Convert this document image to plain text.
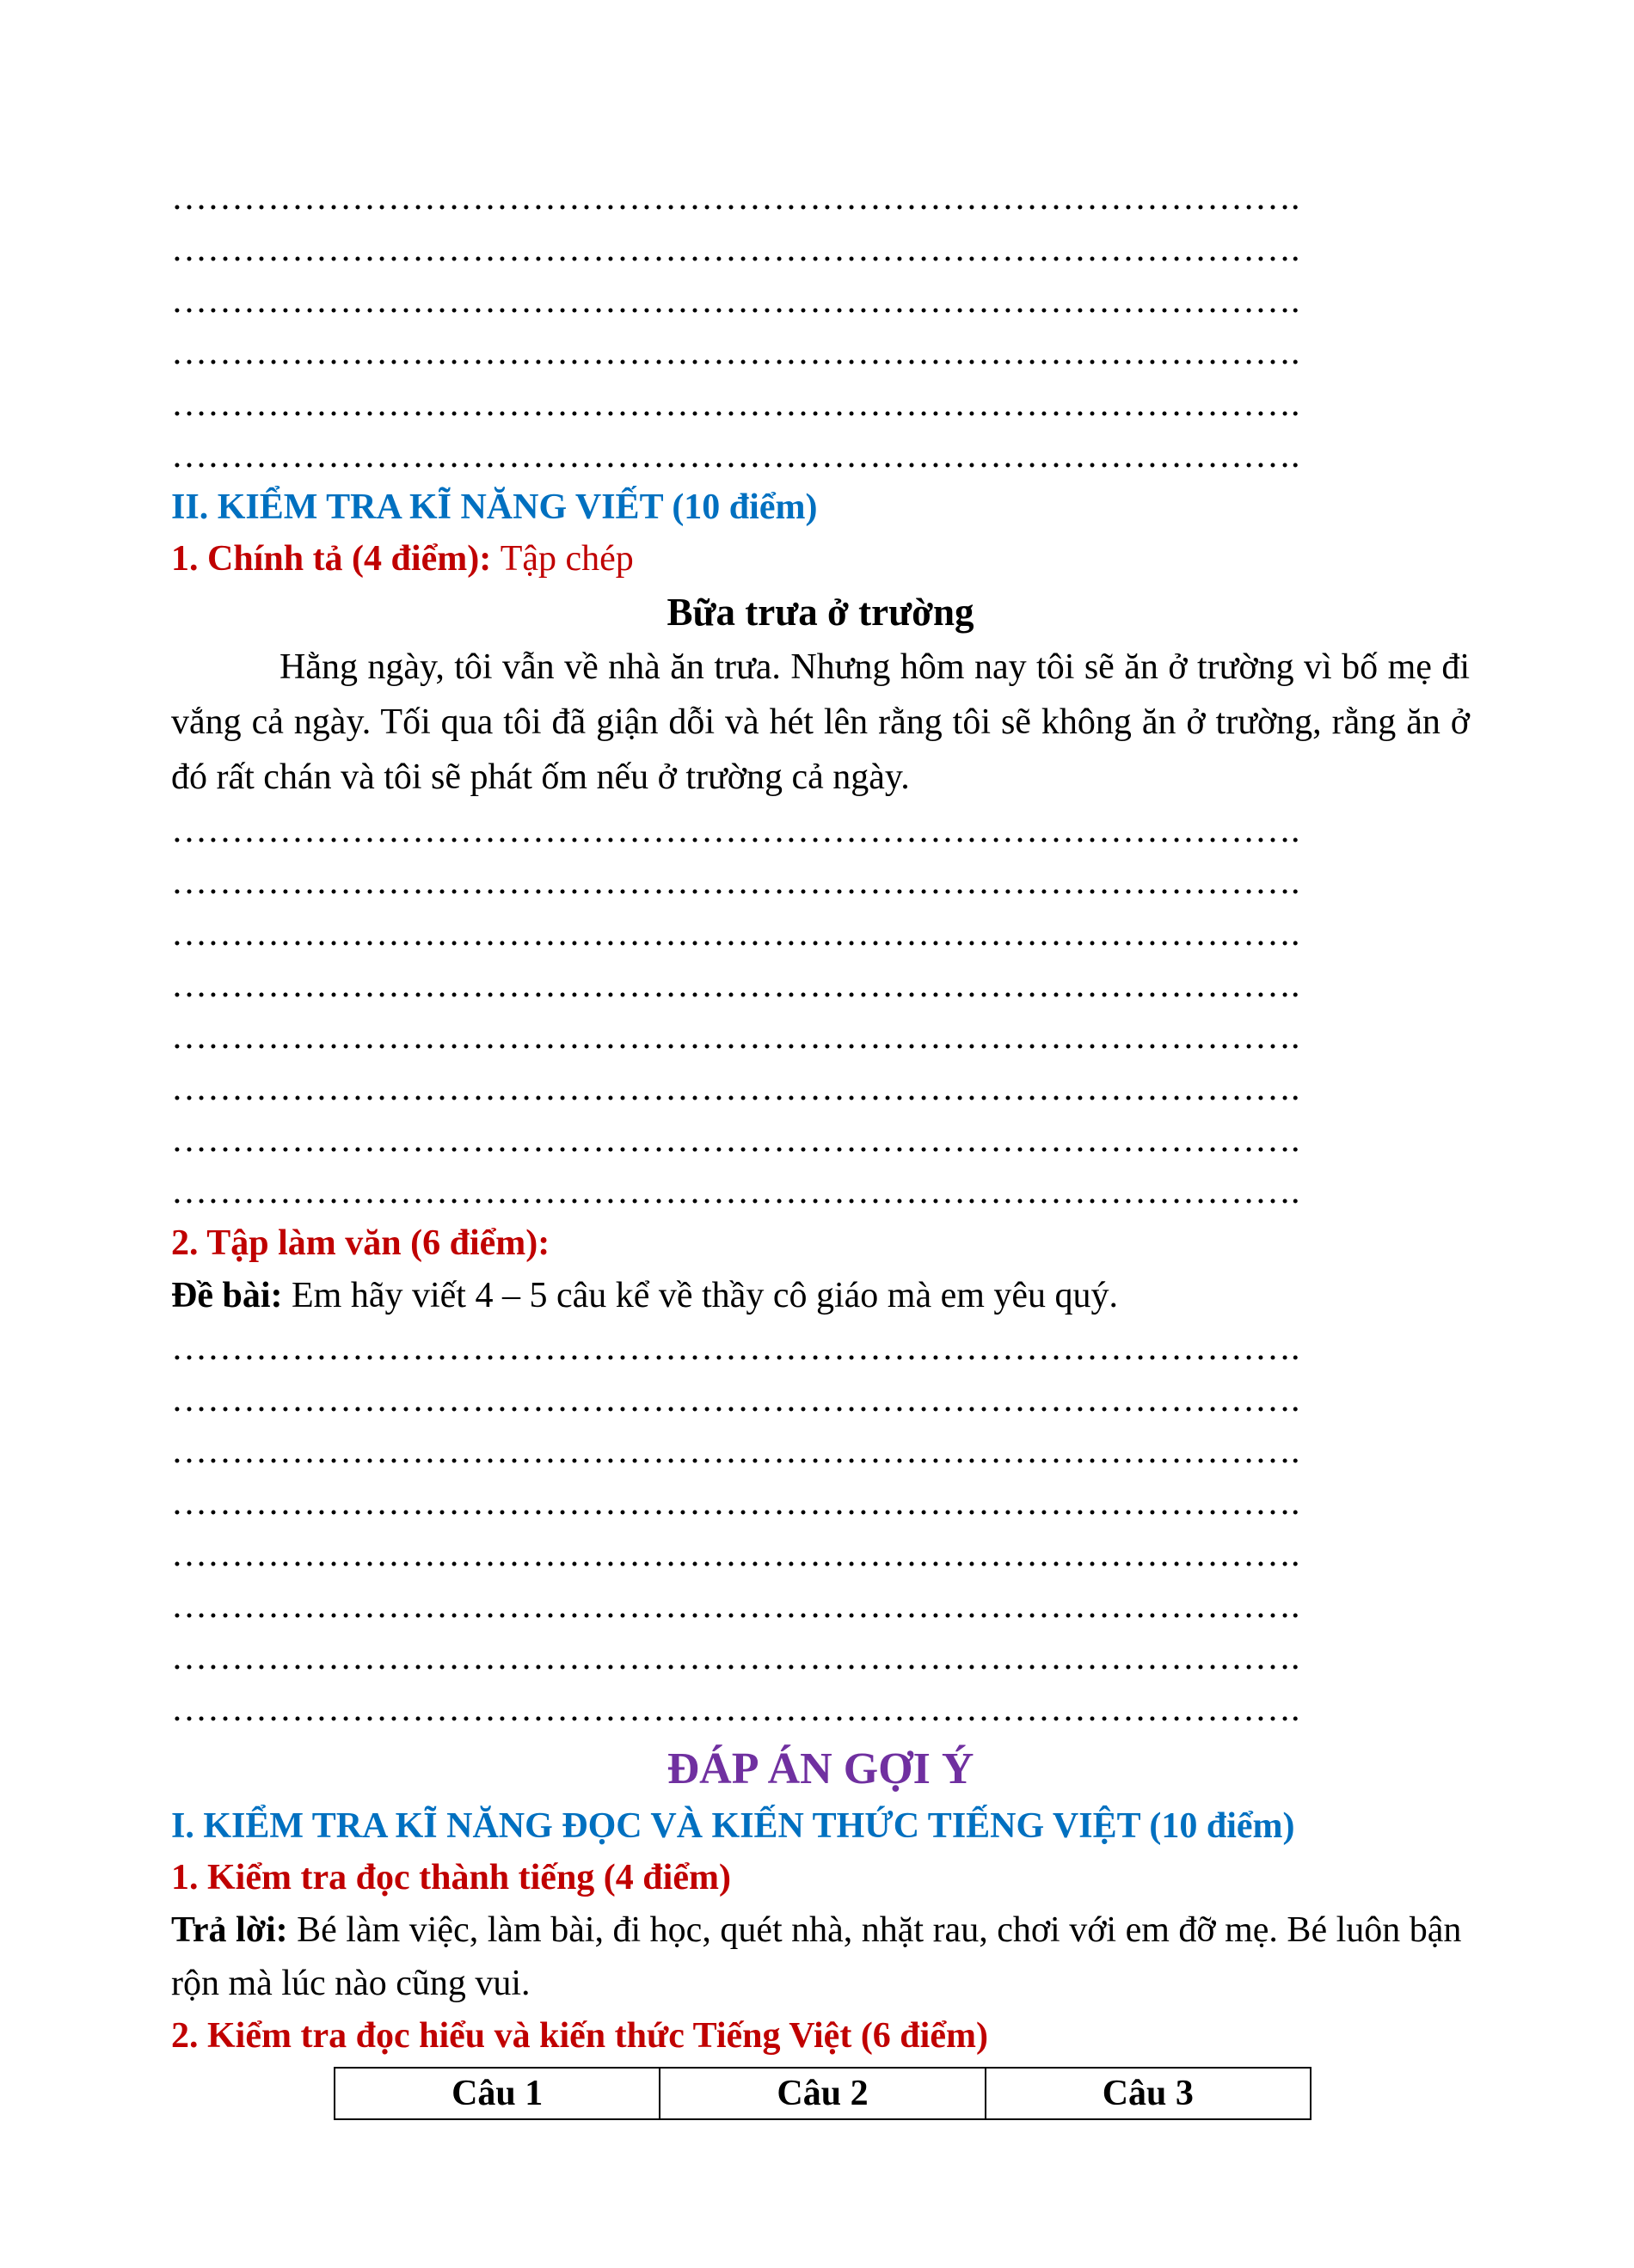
………………………………………………………………………………….
………………………………………………………………………………….
………………………………………………………………………………….
………………………………………………………………………………….
………………………………………………………………………………….
………………………………………………………………………………….
II. KIỂM TRA KĨ NĂNG VIẾT (10 điểm)
1. Chính tả (4 điểm): Tập chép
Bữa trưa ở trường
Hằng ngày, tôi vẫn về nhà ăn trưa. Nhưng hôm nay tôi sẽ ăn ở trường vì bố mẹ đi vắng cả ngày. Tối qua tôi đã giận dỗi và hét lên rằng tôi sẽ không ăn ở trường, rằng ăn ở đó rất chán và tôi sẽ phát ốm nếu ở trường cả ngày.
………………………………………………………………………………….
………………………………………………………………………………….
………………………………………………………………………………….
………………………………………………………………………………….
………………………………………………………………………………….
………………………………………………………………………………….
………………………………………………………………………………….
………………………………………………………………………………….
2. Tập làm văn (6 điểm):
Đề bài: Em hãy viết 4 – 5 câu kể về thầy cô giáo mà em yêu quý.
………………………………………………………………………………….
………………………………………………………………………………….
………………………………………………………………………………….
………………………………………………………………………………….
………………………………………………………………………………….
………………………………………………………………………………….
………………………………………………………………………………….
………………………………………………………………………………….
ĐÁP ÁN GỢI Ý
I. KIỂM TRA KĨ NĂNG ĐỌC VÀ KIẾN THỨC TIẾNG VIỆT (10 điểm)
1. Kiểm tra đọc thành tiếng (4 điểm)
Trả lời: Bé làm việc, làm bài, đi học, quét nhà, nhặt rau, chơi với em đỡ mẹ. Bé luôn bận rộn mà lúc nào cũng vui.
2. Kiểm tra đọc hiểu và kiến thức Tiếng Việt (6 điểm)
Câu 1	Câu 2	Câu 3
